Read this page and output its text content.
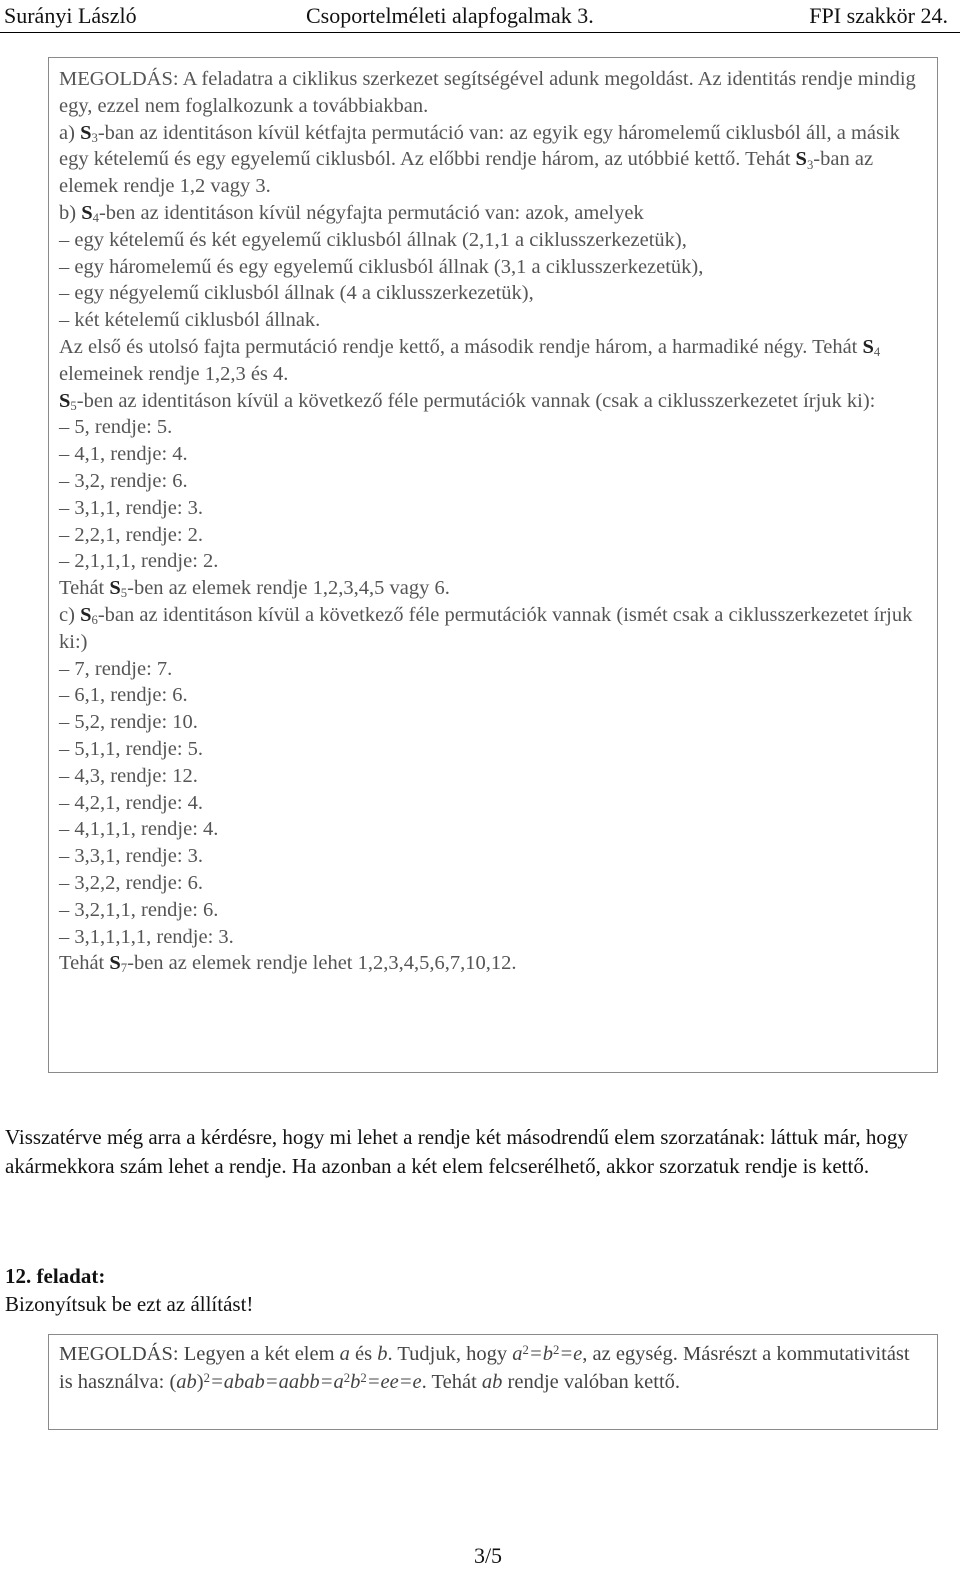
Surányi László	Csoportelméleti alapfogalmak 3.	FPI szakkör 24.

MEGOLDÁS: A feladatra a ciklikus szerkezet segítségével adunk megoldást. Az identitás rendje mindig egy, ezzel nem foglalkozunk a továbbiakban.

a) $S_3$-ban az identitáson kívül kétfajta permutáció van: az egyik egy háromelemű ciklusból áll, a másik egy kételemű és egy egyelemű ciklusból. Az előbbi rendje három, az utóbbié kettő. Tehát $S_3$-ban az elemek rendje 1,2 vagy 3.

b) $S_4$-ben az identitáson kívül négyfajta permutáció van: azok, amelyek

– egy kételemű és két egyelemű ciklusból állnak (2,1,1 a ciklusszerkezetük),

– egy háromelemű és egy egyelemű ciklusból állnak (3,1 a ciklusszerkezetük),

– egy négyelemű ciklusból állnak (4 a ciklusszerkezetük),

– két kételemű ciklusból állnak.

Az első és utolsó fajta permutáció rendje kettő, a második rendje három, a harmadiké négy. Tehát $S_4$ elemeinek rendje 1,2,3 és 4.

$S_5$-ben az identitáson kívül a következő féle permutációk vannak (csak a ciklusszerkezetet írjuk ki):

– 5, rendje: 5.

– 4,1, rendje: 4.

– 3,2, rendje: 6.

– 3,1,1, rendje: 3.

– 2,2,1, rendje: 2.

– 2,1,1,1, rendje: 2.

Tehát $S_5$-ben az elemek rendje 1,2,3,4,5 vagy 6.

c) $S_6$-ban az identitáson kívül a következő féle permutációk vannak (ismét csak a ciklusszerkezetet írjuk ki:)

– 7, rendje: 7.

– 6,1, rendje: 6.

– 5,2, rendje: 10.

– 5,1,1, rendje: 5.

– 4,3, rendje: 12.

– 4,2,1, rendje: 4.

– 4,1,1,1, rendje: 4.

– 3,3,1, rendje: 3.

– 3,2,2, rendje: 6.

– 3,2,1,1, rendje: 6.

– 3,1,1,1,1, rendje: 3.

Tehát $S_7$-ben az elemek rendje lehet 1,2,3,4,5,6,7,10,12.

Visszatérve még arra a kérdésre, hogy mi lehet a rendje két másodrendű elem szorzatának: láttuk már, hogy akármekkora szám lehet a rendje. Ha azonban a két elem felcserélhető, akkor szorzatuk rendje is kettő.
12. feladat:
Bizonyítsuk be ezt az állítást!

MEGOLDÁS: Legyen a két elem a és b. Tudjuk, hogy $a^2=b^2=e$, az egység. Másrészt a kommutativitást is használva: $(ab)^2=abab=aabb=a^2b^2=ee=e$. Tehát ab rendje valóban kettő.

3/5
